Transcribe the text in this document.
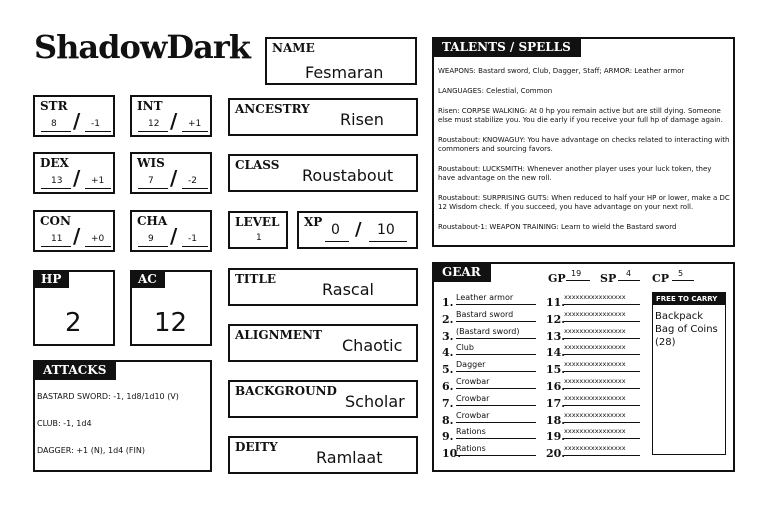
ShadowDark NAME
Fesmaran
STR
8 / -1
INT
12 / +1
DEX
13 / +1
WIS
7 / -2
CON
11 / +0
CHA
9 / -1
ANCESTRY
Risen
CLASS
Roustabout
LEVEL
1
XP 0 / 10
HP
2
AC
12
TITLE
Rascal
ALIGNMENT
Chaotic
BACKGROUND
Scholar
DEITY
Ramlaat
ATTACKS
BASTARD SWORD: -1, 1d8/1d10 (V)
CLUB: -1, 1d4
DAGGER: +1 (N), 1d4 (FIN)
TALENTS / SPELLS
WEAPONS: Bastard sword, Club, Dagger, Staff; ARMOR: Leather armor
LANGUAGES: Celestial, Common
Risen: CORPSE WALKING: At 0 hp you remain active but are still dying. Someone else must stabilize you. You die early if you receive your full hp of damage again.
Roustabout: KNOWAGUY: You have advantage on checks related to interacting with commoners and sourcing favors.
Roustabout: LUCKSMITH: Whenever another player uses your luck token, they have advantage on the new roll.
Roustabout: SURPRISING GUTS: When reduced to half your HP or lower, make a DC 12 Wisdom check. If you succeed, you have advantage on your next roll.
Roustabout-1: WEAPON TRAINING: Learn to wield the Bastard sword
GEAR	GP 19 SP 4 CP 5
1. Leather armor
2. Bastard sword
3. (Bastard sword)
4. Club
5. Dagger
6. Crowbar
7. Crowbar
8. Crowbar
9. Rations
10.
Rations
11.
xxxxxxxxxxxxxxxx
12.
xxxxxxxxxxxxxxxx
13.
xxxxxxxxxxxxxxxx
14.
xxxxxxxxxxxxxxxx
15.
xxxxxxxxxxxxxxxx
16.
xxxxxxxxxxxxxxxx
17.
xxxxxxxxxxxxxxxx
18.
xxxxxxxxxxxxxxxx
19.
xxxxxxxxxxxxxxxx
20.
xxxxxxxxxxxxxxxx
FREE TO CARRY
Backpack
Bag of Coins
(28)
